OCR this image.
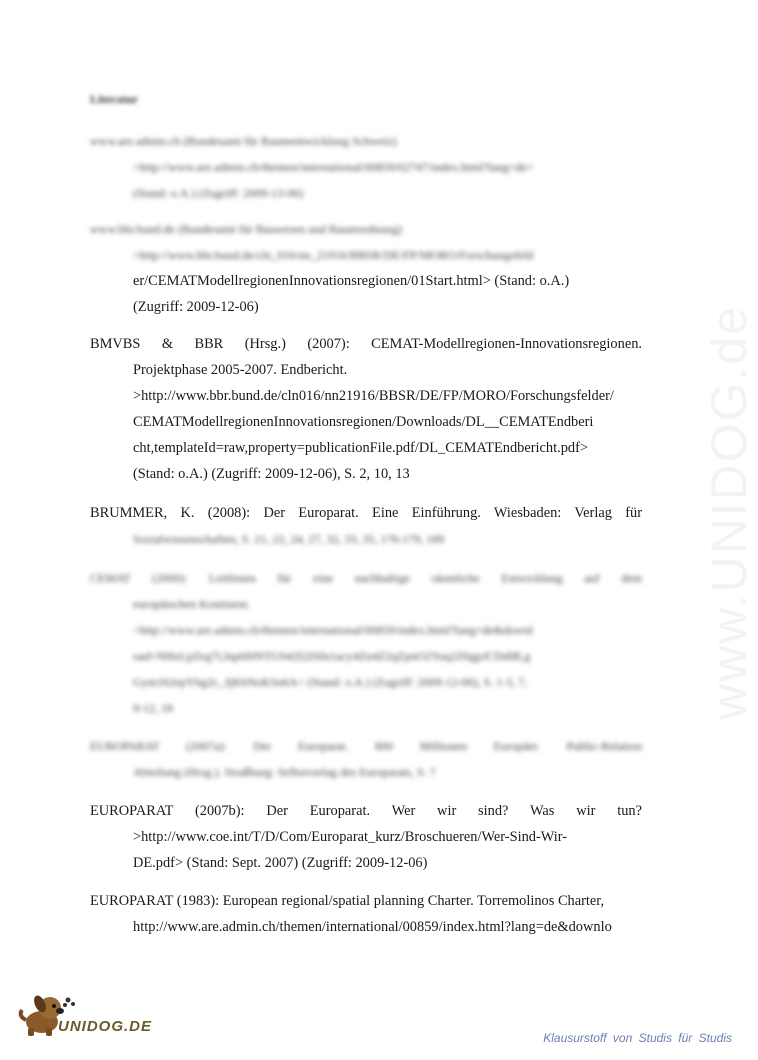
www.UNIDOG.de
Literatur
www.are.admin.ch (Bundesamt für Raumentwicklung Schweiz)
>http://www.are.admin.ch/themen/international/00859/02747/index.html?lang=de<
(Stand: o.A.) (Zugriff: 2009-13-06)
www.bbr.bund.de (Bundesamt für Bauwesen und Raumordnung)
>http://www.bbr.bund.de/cln_016/nn_21916/BBSR/DE/FP/MORO/Forschungsfeld
er/CEMATModellregionenInnovationsregionen/01Start.html> (Stand: o.A.)
(Zugriff: 2009-12-06)
BMVBS & BBR (Hrsg.) (2007): CEMAT-Modellregionen-Innovationsregionen.
Projektphase 2005-2007. Endbericht.
>http://www.bbr.bund.de/cln016/nn21916/BBSR/DE/FP/MORO/Forschungsfelder/
CEMATModellregionenInnovationsregionen/Downloads/DL__CEMATEndberi
cht,templateId=raw,property=publicationFile.pdf/DL_CEMATEndbericht.pdf>
(Stand: o.A.) (Zugriff: 2009-12-06), S. 2, 10, 13
BRUMMER, K. (2008): Der Europarat. Eine Einführung. Wiesbaden: Verlag für
Sozialwissenschaften, S. 21, 22, 24, 27, 32, 33, 35, 176-179, 189
CEMAT (2000): Leitlinien für eine nachhaltige räumliche Entwicklung auf dem
europäischen Kontinent.
>http://www.are.admin.ch/themen/international/00859/index.html?lang=de&downl
oad=NHzLpZeg7t,lnp6I0NTU042l2Z6ln1acy4Zn4Z2qZpnO2Yuq2Z6gpJCDdIR,g
Gym162epYbg2c_JjKbNoKSn6A< (Stand: o.A.) (Zugriff: 2009-12-06), S. 1-3, 7,
9-12, 18
EUROPARAT (2007a): Der Europarat. 800 Millionen Europäer. Public-Relation
Abteilung (Hrsg.). Straßburg: Selbstverlag des Europarats, S. 7
EUROPARAT (2007b): Der Europarat. Wer wir sind? Was wir tun?
>http://www.coe.int/T/D/Com/Europarat_kurz/Broschueren/Wer-Sind-Wir-
DE.pdf> (Stand: Sept. 2007) (Zugriff: 2009-12-06)
EUROPARAT (1983): European regional/spatial planning Charter. Torremolinos Charter,
http://www.are.admin.ch/themen/international/00859/index.html?lang=de&downlo
UNIDOG.DE
Klausurstoff von Studis für Studis
